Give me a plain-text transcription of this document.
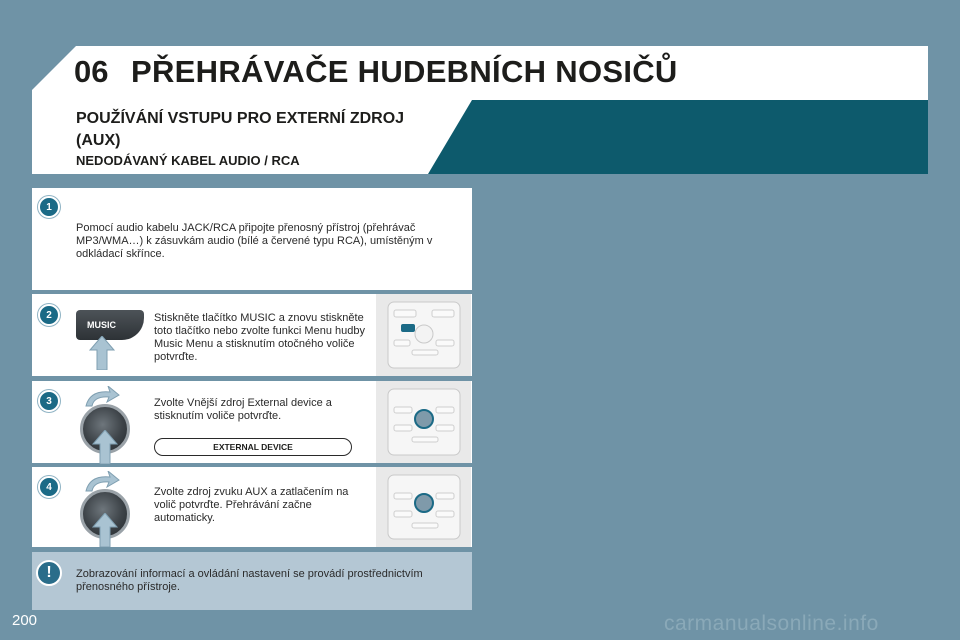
06 PŘEHRÁVAČE HUDEBNÍCH NOSIČŮ
POUŽÍVÁNÍ VSTUPU PRO EXTERNÍ ZDROJ (AUX)
NEDODÁVANÝ KABEL AUDIO / RCA
1
Pomocí audio kabelu JACK/RCA připojte přenosný přístroj (přehrávač MP3/WMA…) k zásuvkám audio (bílé a červené typu RCA), umístěným v odkládací skřínce.
2
MUSIC
Stiskněte tlačítko MUSIC a znovu stiskněte toto tlačítko nebo zvolte funkci Menu hudby Music Menu a stisknutím otočného voliče potvrďte.
3	Zvolte Vnější zdroj External device a stisknutím voliče potvrďte.
EXTERNAL DEVICE
4	Zvolte zdroj zvuku AUX a zatlačením na volič potvrďte. Přehrávání začne automaticky.
!	Zobrazování informací a ovládání nastavení se provádí prostřednictvím přenosného přístroje.
200	carmanualsonline.info
